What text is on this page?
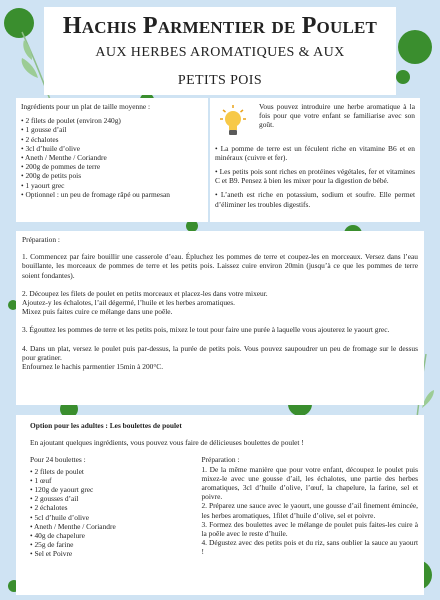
Hachis Parmentier de Poulet
AUX HERBES AROMATIQUES & AUX
PETITS POIS
Ingrédients pour un plat de taille moyenne :
• 2 filets de poulet (environ 240g)
• 1 gousse d’ail
• 2 échalotes
• 3cl d’huile d’olive
• Aneth / Menthe / Coriandre
• 200g de pommes de terre
• 200g de petits pois
• 1 yaourt grec
• Optionnel : un peu de fromage râpé ou parmesan
Vous pouvez introduire une herbe aromatique à la fois pour que votre enfant se familiarise avec son goût.

• La pomme de terre est un féculent riche en vitamine B6 et en minéraux (cuivre et fer).

• Les petits pois sont riches en protéines végétales, fer et vitamines C et B9. Pensez à bien les mixer pour la digestion de bébé.

• L’aneth est riche en potassium, sodium et soufre. Elle permet d’éliminer les troubles digestifs.

Préparation :

1. Commencez par faire bouillir une casserole d’eau. Épluchez les pommes de terre et coupez-les en morceaux. Versez dans l’eau bouillante, les morceaux de pommes de terre et les petits pois. Laissez cuire environ 20min (jusqu’à ce que les pommes de terre soient fondantes).

2. Découpez les filets de poulet en petits morceaux et placez-les dans votre mixeur.
Ajoutez-y les échalotes, l’ail dégermé, l’huile et les herbes aromatiques.
Mixez puis faites cuire ce mélange dans une poêle.

3. Égouttez les pommes de terre et les petits pois, mixez le tout pour faire une purée à laquelle vous ajouterez le yaourt grec.

4. Dans un plat, versez le poulet puis par-dessus, la purée de petits pois. Vous pouvez saupoudrer un peu de fromage sur le dessus pour gratiner.
Enfournez le hachis parmentier 15min à 200°C.

Option pour les adultes : Les boulettes de poulet

En ajoutant quelques ingrédients, vous pouvez vous faire de délicieuses boulettes de poulet !

Pour 24 boulettes :
• 2 filets de poulet
• 1 œuf
• 120g de yaourt grec
• 2 gousses d’ail
• 2 échalotes
• 5cl d’huile d’olive
• Aneth / Menthe / Coriandre
• 40g de chapelure
• 25g de farine
• Sel et Poivre

Préparation :

1. De la même manière que pour votre enfant, découpez le poulet puis mixez-le avec une gousse d’ail, les échalotes, une partie des herbes aromatiques, 3cl d’huile d’olive, l’œuf, la chapelure, la farine, sel et poivre.

2. Préparez une sauce avec le yaourt, une gousse d’ail finement émincée, les herbes aromatiques, 1filet d’huile d’olive, sel et poivre.

3. Formez des boulettes avec le mélange de poulet puis faites-les cuire à la poêle avec le reste d’huile.

4. Dégustez avec des petits pois et du riz, sans oublier la sauce au yaourt !
